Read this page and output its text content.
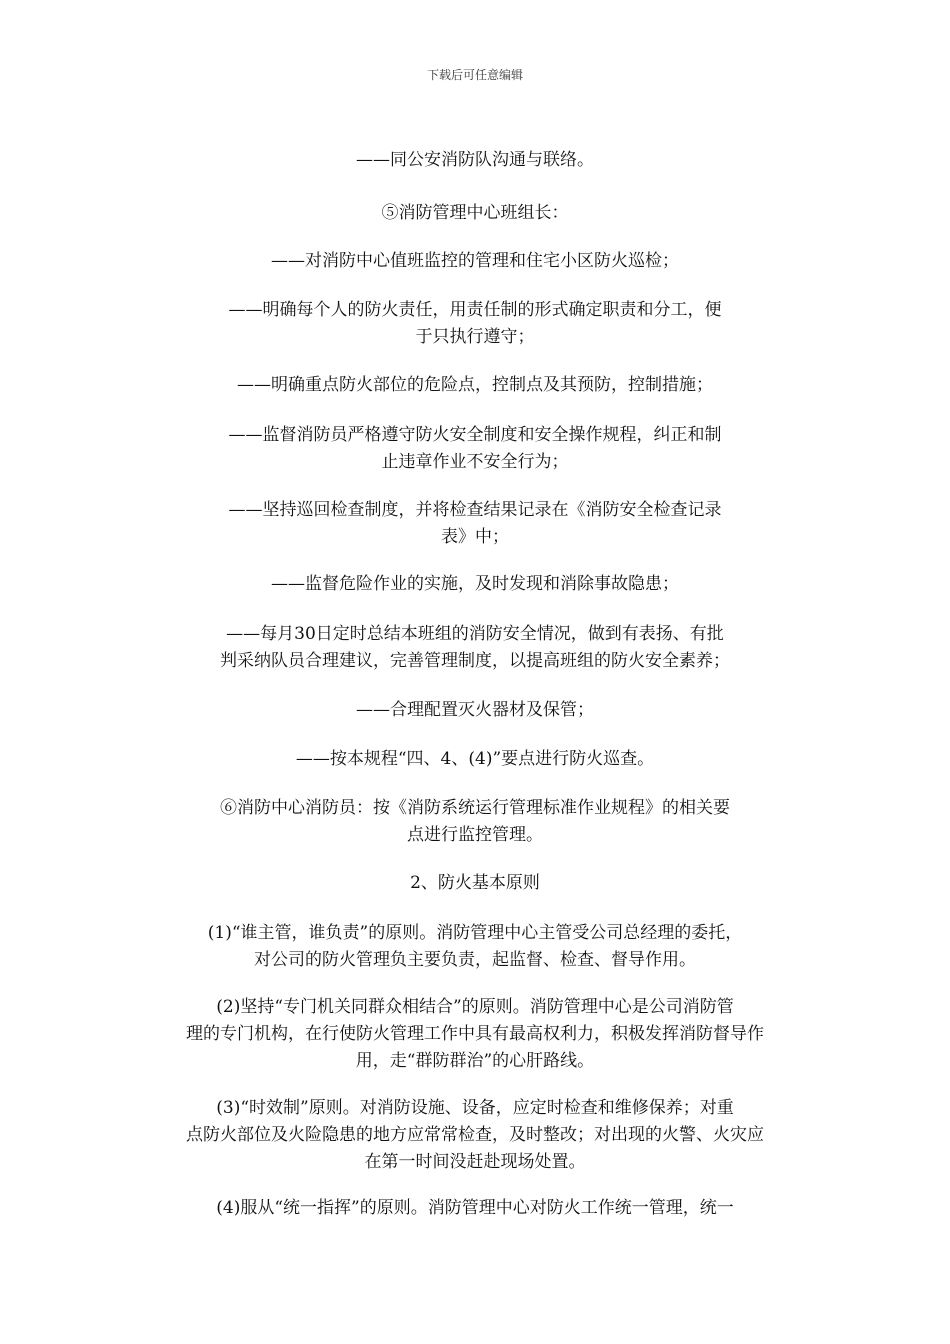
下载后可任意编辑
——同公安消防队沟通与联络。
⑤消防管理中心班组长：
——对消防中心值班监控的管理和住宅小区防火巡检；
——明确每个人的防火责任，用责任制的形式确定职责和分工，便
于只执行遵守；
——明确重点防火部位的危险点，控制点及其预防，控制措施；
——监督消防员严格遵守防火安全制度和安全操作规程，纠正和制
止违章作业不安全行为；
——坚持巡回检查制度，并将检查结果记录在《消防安全检查记录
表》中；
——监督危险作业的实施，及时发现和消除事故隐患；
——每月30日定时总结本班组的消防安全情况，做到有表扬、有批
判采纳队员合理建议，完善管理制度，以提高班组的防火安全素养；
——合理配置灭火器材及保管；
——按本规程“四、4、(4)”要点进行防火巡查。
⑥消防中心消防员：按《消防系统运行管理标准作业规程》的相关要
点进行监控管理。
2、防火基本原则
(1)“谁主管，谁负责”的原则。消防管理中心主管受公司总经理的委托，
对公司的防火管理负主要负责，起监督、检查、督导作用。
(2)坚持“专门机关同群众相结合”的原则。消防管理中心是公司消防管
理的专门机构，在行使防火管理工作中具有最高权利力，积极发挥消防督导作
用，走“群防群治”的心肝路线。
(3)“时效制”原则。对消防设施、设备，应定时检查和维修保养；对重
点防火部位及火险隐患的地方应常常检查，及时整改；对出现的火警、火灾应
在第一时间没赶赴现场处置。
(4)服从“统一指挥”的原则。消防管理中心对防火工作统一管理，统一
